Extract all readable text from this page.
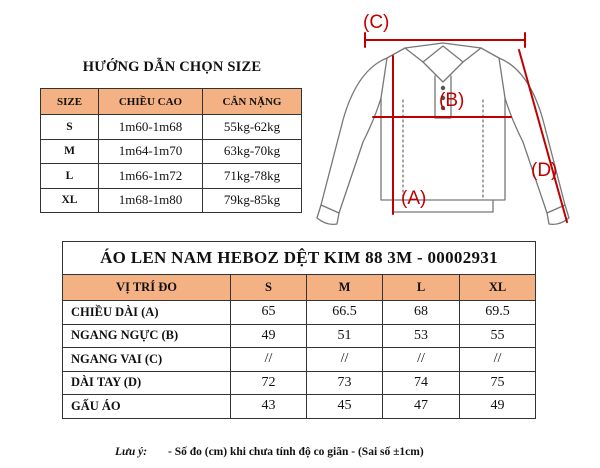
HƯỚNG DẪN CHỌN SIZE
SIZE	CHIỀU CAO	CÂN NẶNG
S	1m60-1m68	55kg-62kg
M	1m64-1m70	63kg-70kg
L	1m66-1m72	71kg-78kg
XL	1m68-1m80	79kg-85kg
(C)
(B)
(A)
(D)
ÁO LEN NAM HEBOZ DỆT KIM 88 3M - 00002931				
VỊ TRÍ ĐO	S	M	L	XL
CHIỀU DÀI (A)	65	66.5	68	69.5
NGANG NGỰC (B)	49	51	53	55
NGANG VAI (C)	//	//	//	//
DÀI TAY (D)	72	73	74	75
GẤU ÁO	43	45	47	49
Lưu ý: - Số đo (cm) khi chưa tính độ co giãn - (Sai số ±1cm)
